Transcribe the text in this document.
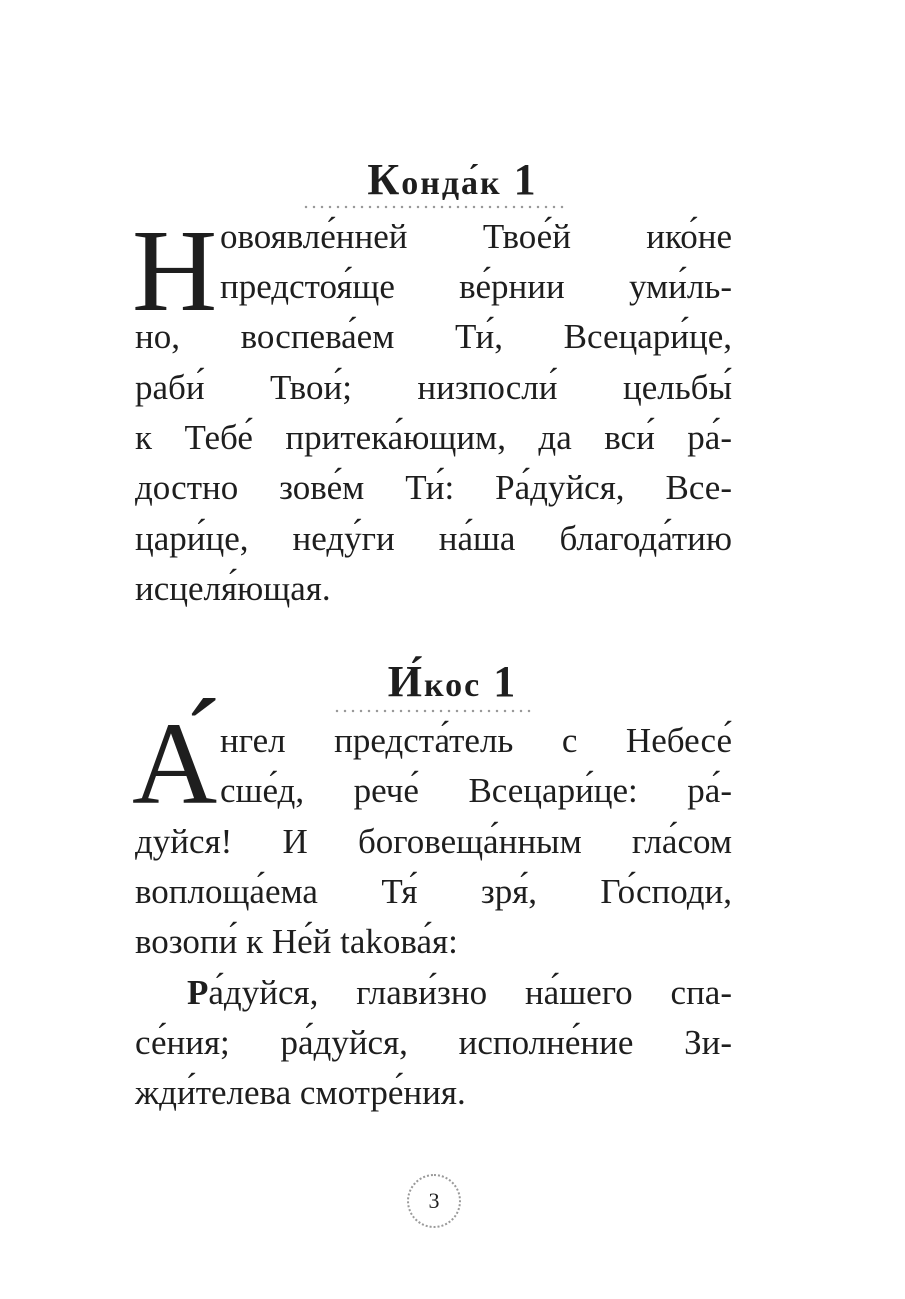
Конда́к 1
Н овоявле́нней Твое́й ико́не
предстоя́ще ве́рнии уми́ль-
но, воспева́ем Ти́, Всецари́це,
раби́ Твои́; низпосли́ цельбы́
к Тебе́ притека́ющим, да вси́ ра́-
достно зове́м Ти́: Ра́дуйся, Все-
цари́це, неду́ги на́ша благода́тию
исцеля́ющая.
И́кос 1
А́ нгел предста́тель с Небесе́
сше́д, рече́ Всецари́це: ра́-
дуйся! И боговеща́нным гла́сом
воплоща́ема Тя́ зря́, Го́споди,
возопи́ к Не́й takова́я:
Ра́дуйся, глави́зно на́шего спа-
се́ния; ра́дуйся, исполне́ние Зи-
жди́телева смотре́ния.
3
